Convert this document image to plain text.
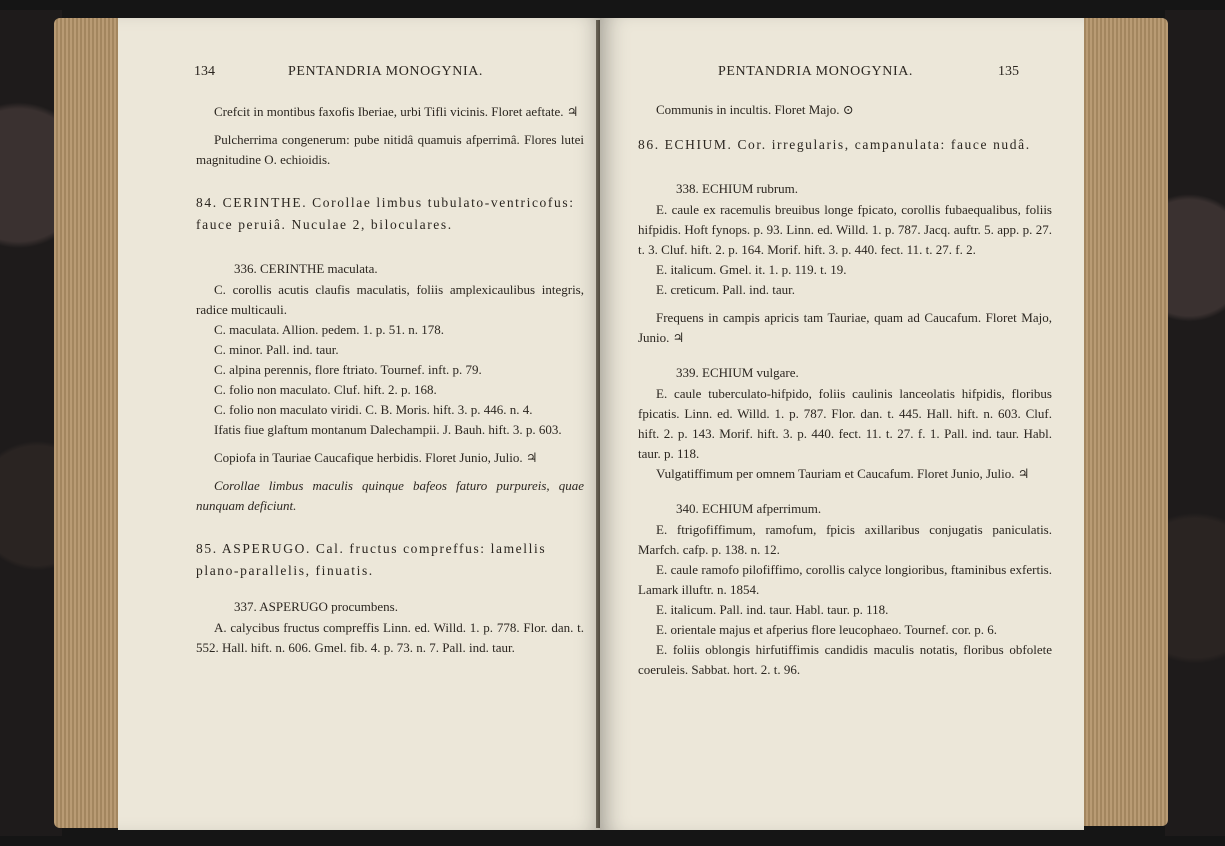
134	PENTANDRIA MONOGYNIA.

Crefcit in montibus faxofis Iberiae, urbi Tifli vicinis. Floret aeftate. ♃

Pulcherrima congenerum: pube nitidâ quamuis afperrimâ. Flores lutei magnitudine O. echioidis.

84. CERINTHE. Corollae limbus tubulato-ventricofus: fauce peruiâ. Nuculae 2, biloculares.

336. CERINTHE maculata.

C. corollis acutis claufis maculatis, foliis amplexicaulibus integris, radice multicauli.

C. maculata. Allion. pedem. 1. p. 51. n. 178.

C. minor. Pall. ind. taur.

C. alpina perennis, flore ftriato. Tournef. inft. p. 79.

C. folio non maculato. Cluf. hift. 2. p. 168.

C. folio non maculato viridi. C. B. Moris. hift. 3. p. 446. n. 4.

Ifatis fiue glaftum montanum Dalechampii. J. Bauh. hift. 3. p. 603.

Copiofa in Tauriae Caucafique herbidis. Floret Junio, Julio. ♃

Corollae limbus maculis quinque bafeos faturo purpureis, quae nunquam deficiunt.

85. ASPERUGO. Cal. fructus compreffus: lamellis plano-parallelis, finuatis.

337. ASPERUGO procumbens.

A. calycibus fructus compreffis Linn. ed. Willd. 1. p. 778. Flor. dan. t. 552. Hall. hift. n. 606. Gmel. fib. 4. p. 73. n. 7. Pall. ind. taur.

PENTANDRIA MONOGYNIA.	135

Communis in incultis. Floret Majo. ⊙

86. ECHIUM. Cor. irregularis, campanulata: fauce nudâ.

338. ECHIUM rubrum.

E. caule ex racemulis breuibus longe fpicato, corollis fubaequalibus, foliis hifpidis. Hoft fynops. p. 93. Linn. ed. Willd. 1. p. 787. Jacq. auftr. 5. app. p. 27. t. 3. Cluf. hift. 2. p. 164. Morif. hift. 3. p. 440. fect. 11. t. 27. f. 2.

E. italicum. Gmel. it. 1. p. 119. t. 19.

E. creticum. Pall. ind. taur.

Frequens in campis apricis tam Tauriae, quam ad Caucafum. Floret Majo, Junio. ♃

339. ECHIUM vulgare.

E. caule tuberculato-hifpido, foliis caulinis lanceolatis hifpidis, floribus fpicatis. Linn. ed. Willd. 1. p. 787. Flor. dan. t. 445. Hall. hift. n. 603. Cluf. hift. 2. p. 143. Morif. hift. 3. p. 440. fect. 11. t. 27. f. 1. Pall. ind. taur. Habl. taur. p. 118.

Vulgatiffimum per omnem Tauriam et Caucafum. Floret Junio, Julio. ♃

340. ECHIUM afperrimum.

E. ftrigofiffimum, ramofum, fpicis axillaribus conjugatis paniculatis. Marfch. cafp. p. 138. n. 12.

E. caule ramofo pilofiffimo, corollis calyce longioribus, ftaminibus exfertis. Lamark illuftr. n. 1854.

E. italicum. Pall. ind. taur. Habl. taur. p. 118.

E. orientale majus et afperius flore leucophaeo. Tournef. cor. p. 6.

E. foliis oblongis hirfutiffimis candidis maculis notatis, floribus obfolete coeruleis. Sabbat. hort. 2. t. 96.
